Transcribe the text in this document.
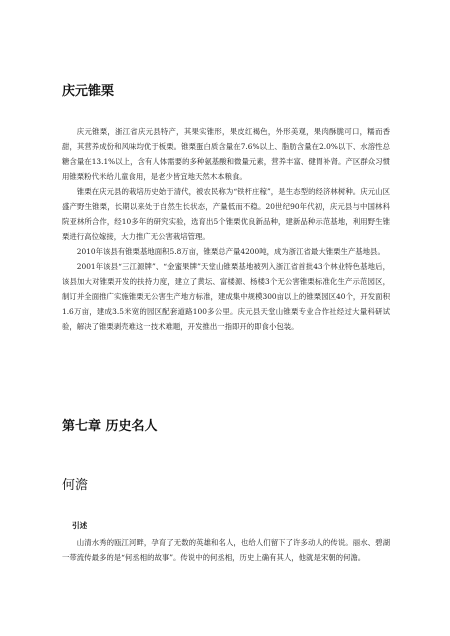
庆元锥栗

庆元锥栗，浙江省庆元县特产，其果实锥形，果皮红褐色，外形美观，果肉酥脆可口，糯而香甜，其营养成份和风味均优于板栗。锥栗蛋白质含量在7.6%以上、脂肪含量在2.0%以下、水溶性总糖含量在13.1%以上，含有人体需要的多种氨基酸和微量元素，营养丰富、健胃补肾。产区群众习惯用锥栗粉代米给儿童食用，是老少皆宜地天然木本粮食。

锥栗在庆元县的栽培历史始于清代，被农民称为“铁杆庄稼”，是生态型的经济林树种。庆元山区盛产野生锥栗，长期以来处于自然生长状态，产量低而不稳。20世纪90年代初，庆元县与中国林科院亚林所合作，经10多年的研究实验，选育出5个锥栗优良新品种，建新品种示范基地，利用野生锥栗进行高位嫁接，大力推广无公害栽培管理。

2010年该县有锥栗基地面积5.8万亩，锥栗总产量4200吨，成为浙江省最大锥栗生产基地县。

2001年该县“三江源牌”、“金蜜果牌”天堂山锥栗基地被列入浙江省首批43个林业特色基地后，该县加大对锥栗开发的扶持力度，建立了黄坛、富楼源、杨楼3个无公害锥栗标准化生产示范园区，制订并全面推广实施锥栗无公害生产地方标准，建成集中规模300亩以上的锥栗园区40个，开发面积1.6万亩，建成3.5米宽的园区配套道路100多公里。庆元县天堂山锥栗专业合作社经过大量科研试验，解决了锥栗剥壳难这一技术难题，开发推出一指即开的即食小包装。

第七章 历史名人
何澹

引述

山清水秀的瓯江河畔，孕育了无数的英雄和名人，也给人们留下了许多动人的传说。丽水、碧湖一带流传最多的是“何丞相的故事”。传说中的何丞相，历史上确有其人，他就是宋朝的何澹。
